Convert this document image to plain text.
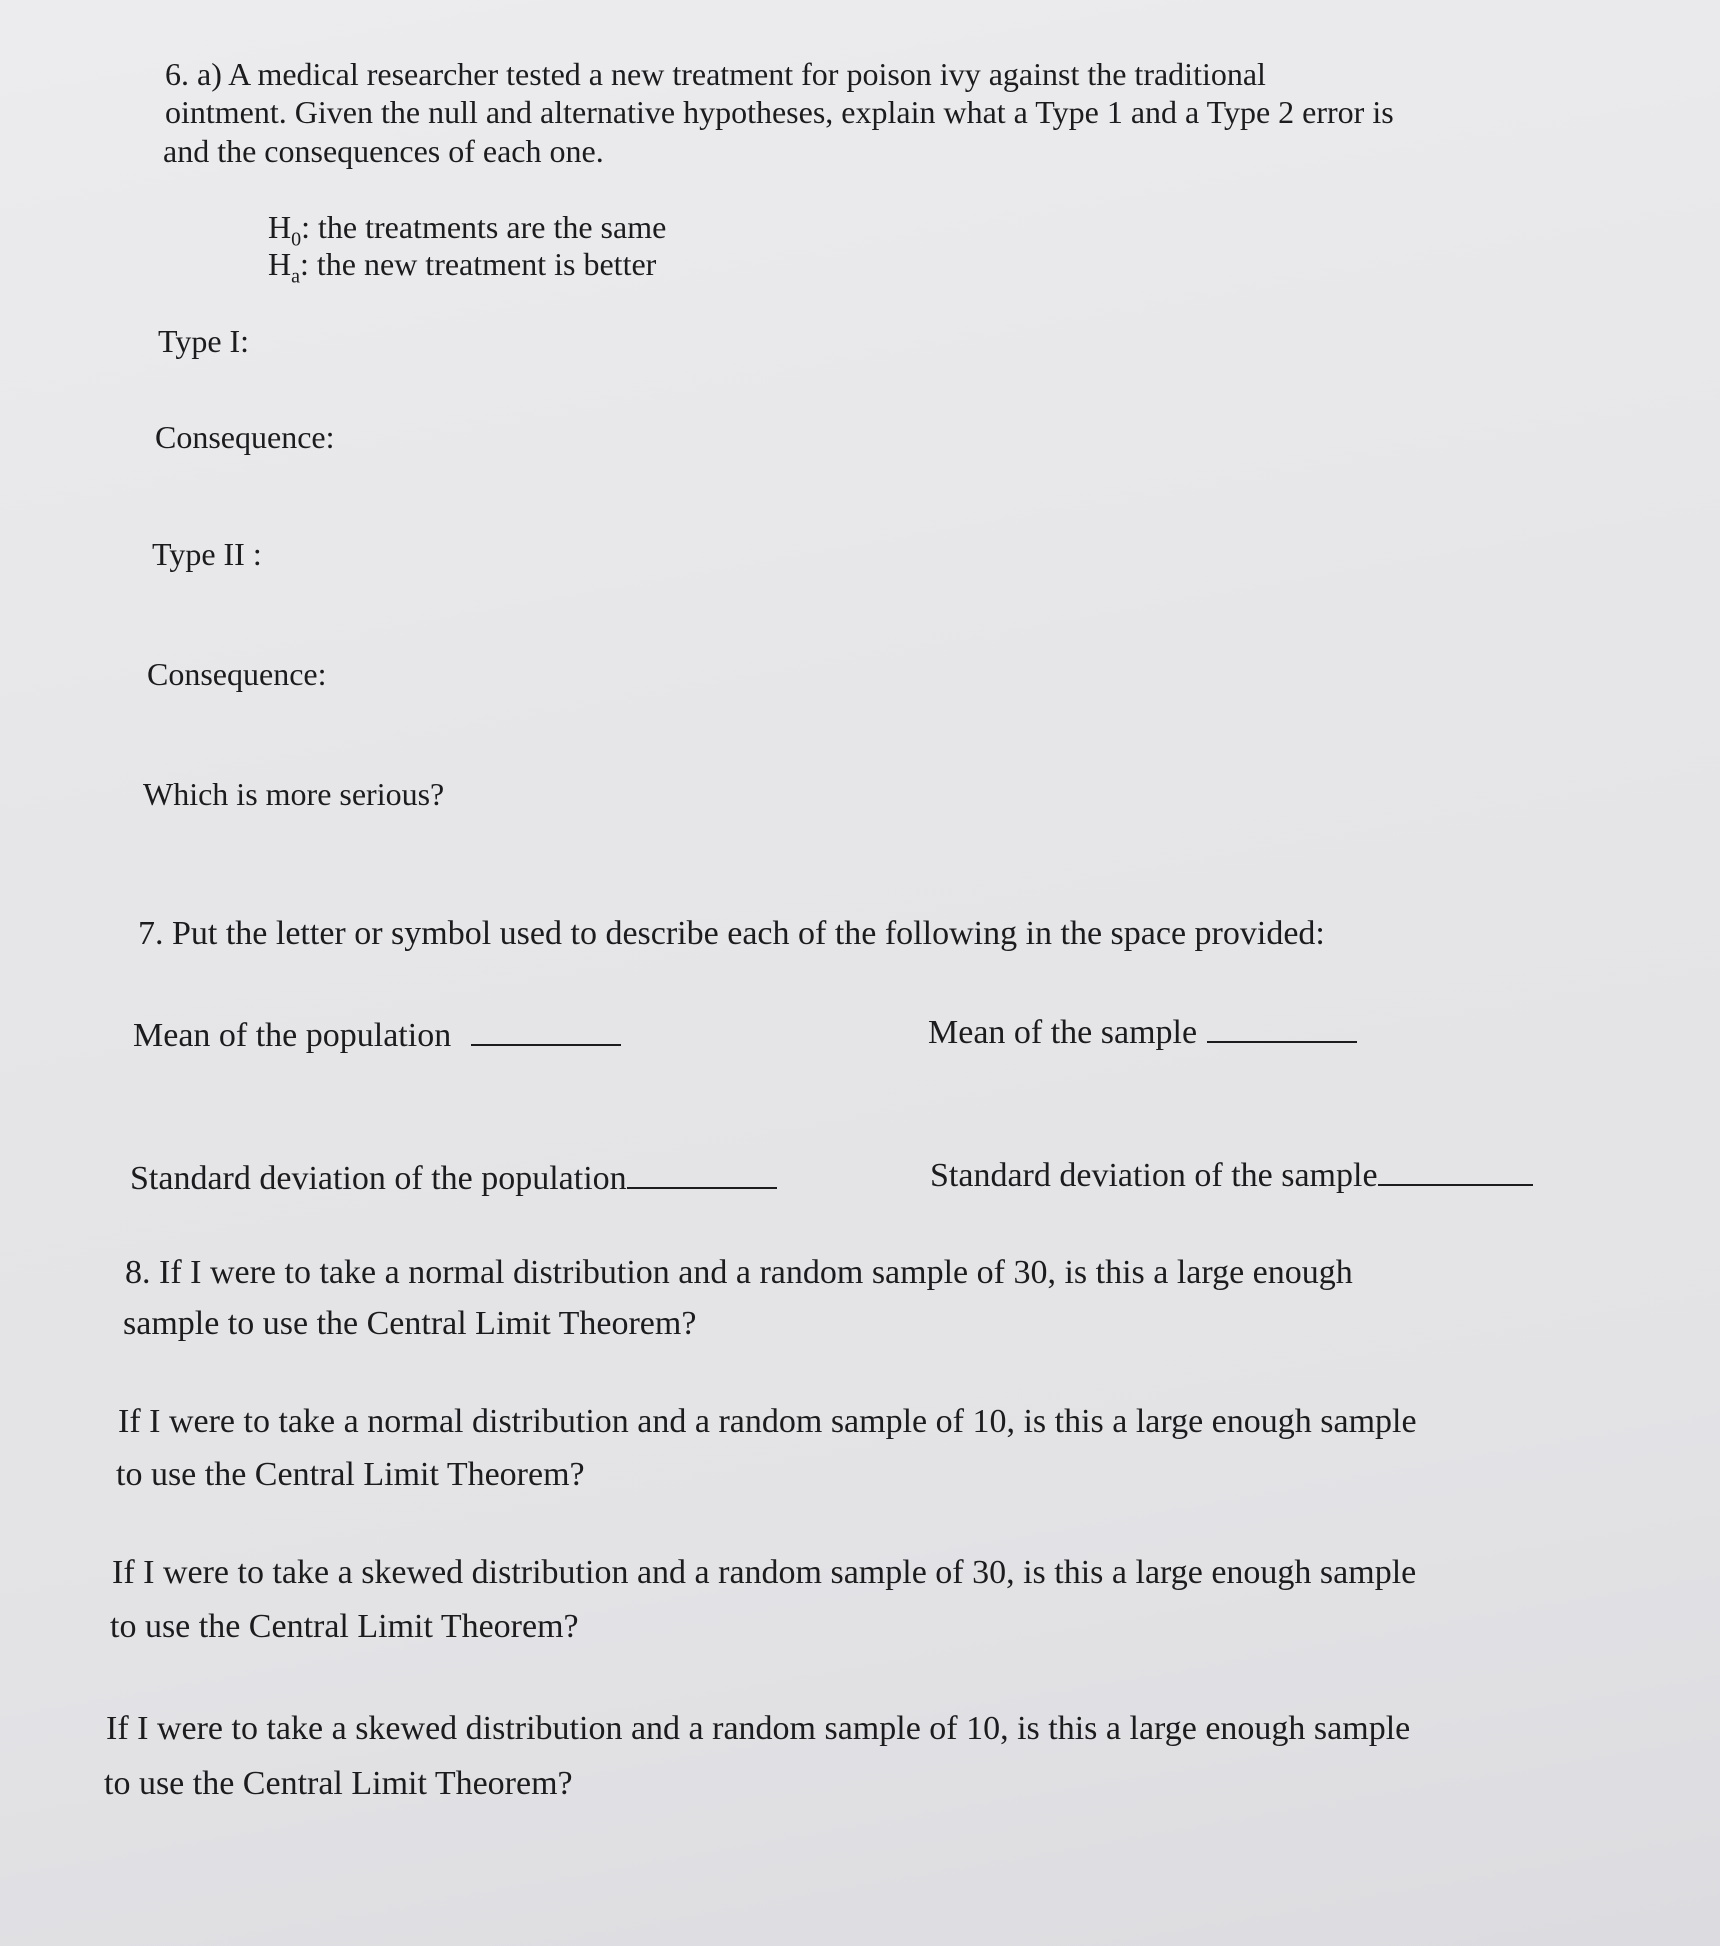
6. a) A medical researcher tested a new treatment for poison ivy against the traditional
ointment. Given the null and alternative hypotheses, explain what a Type 1 and a Type 2 error is
and the consequences of each one.
$H_0$: the treatments are the same
$H_a$: the new treatment is better
Type I:
Consequence:
Type II :
Consequence:
Which is more serious?
7. Put the letter or symbol used to describe each of the following in the space provided:
Mean of the population	Mean of the sample
Standard deviation of the population	Standard deviation of the sample
8. If I were to take a normal distribution and a random sample of 30, is this a large enough
sample to use the Central Limit Theorem?
If I were to take a normal distribution and a random sample of 10, is this a large enough sample
to use the Central Limit Theorem?
If I were to take a skewed distribution and a random sample of 30, is this a large enough sample
to use the Central Limit Theorem?
If I were to take a skewed distribution and a random sample of 10, is this a large enough sample
to use the Central Limit Theorem?
